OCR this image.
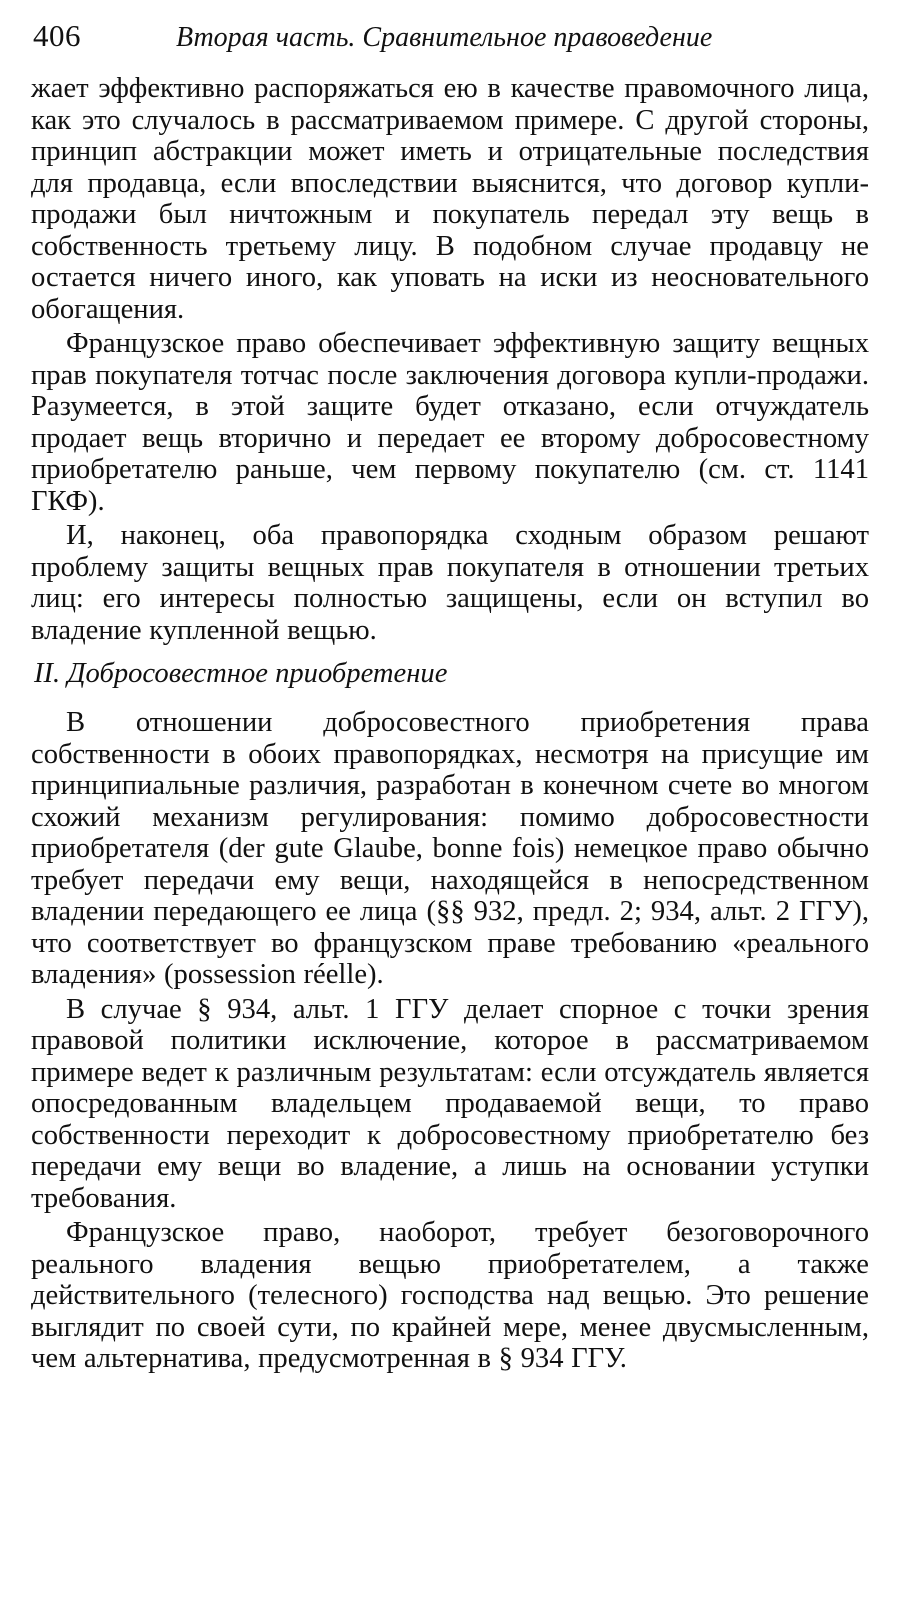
406	Вторая часть. Сравнительное правоведение

жает эффективно распоряжаться ею в качестве правомочного лица, как это случалось в рассматриваемом примере. С другой стороны, принцип абстракции может иметь и отрицательные последствия для продавца, если впоследствии выяснится, что договор купли-продажи был ничтожным и покупатель передал эту вещь в собственность третьему лицу. В подобном случае продавцу не остается ничего иного, как уповать на иски из неосновательного обогащения.

Французское право обеспечивает эффективную защиту вещных прав покупателя тотчас после заключения договора купли-продажи. Разумеется, в этой защите будет отказано, если отчуждатель продает вещь вторично и передает ее второму добросовестному приобретателю раньше, чем первому покупателю (см. ст. 1141 ГКФ).

И, наконец, оба правопорядка сходным образом решают проблему защиты вещных прав покупателя в отношении третьих лиц: его интересы полностью защищены, если он вступил во владение купленной вещью.

II. Добросовестное приобретение

В отношении добросовестного приобретения права собственности в обоих правопорядках, несмотря на присущие им принципиальные различия, разработан в конечном счете во многом схожий механизм регулирования: помимо добросовестности приобретателя (der gute Glaube, bonne fois) немецкое право обычно требует передачи ему вещи, находящейся в непосредственном владении передающего ее лица (§§ 932, предл. 2; 934, альт. 2 ГГУ), что соответствует во французском праве требованию «реального владения» (possession réelle).

В случае § 934, альт. 1 ГГУ делает спорное с точки зрения правовой политики исключение, которое в рассматриваемом примере ведет к различным результатам: если отсуждатель является опосредованным владельцем продаваемой вещи, то право собственности переходит к добросовестному приобретателю без передачи ему вещи во владение, а лишь на основании уступки требования.

Французское право, наоборот, требует безоговорочного реального владения вещью приобретателем, а также действительного (телесного) господства над вещью. Это решение выглядит по своей сути, по крайней мере, менее двусмысленным, чем альтернатива, предусмотренная в § 934 ГГУ.
